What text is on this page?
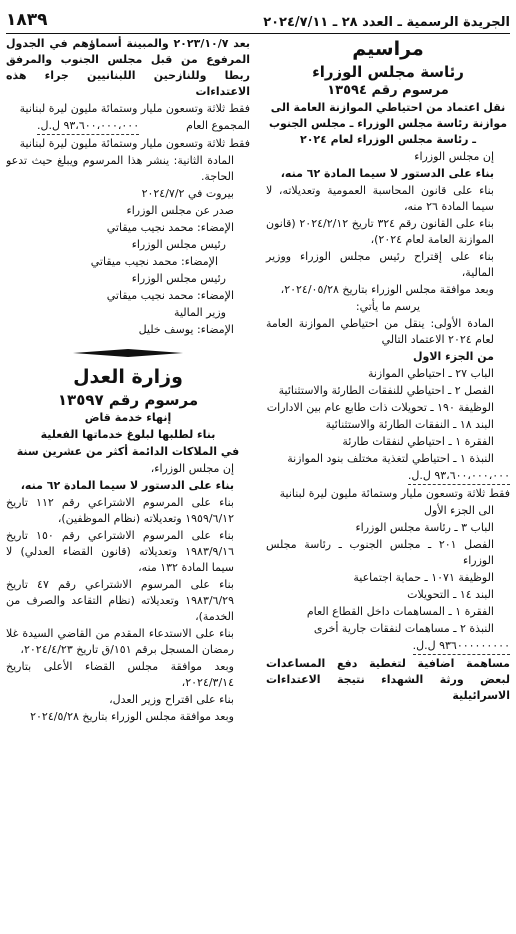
الجريدة الرسمية ـ العدد ٢٨ ـ ٢٠٢٤/٧/١١
١٨٣٩

مراسيم

رئاسة مجلس الوزراء

مرسوم رقم ١٣٥٩٤

نقل اعتماد من احتياطي الموازنة العامة الى موازنة رئاسة مجلس الوزراء ـ مجلس الجنوب ـ رئاسة مجلس الوزراء لعام ٢٠٢٤

إن مجلس الوزراء

بناء على الدستور لا سيما المادة ٦٢ منه،

بناء على قانون المحاسبة العمومية وتعديلاته، لا سيما المادة ٢٦ منه،

بناء على القانون رقم ٣٢٤ تاريخ ٢٠٢٤/٢/١٢ (قانون الموازنة العامة لعام ٢٠٢٤)،

بناء على إقتراح رئيس مجلس الوزراء ووزير المالية،

وبعد موافقة مجلس الوزراء بتاريخ ٢٠٢٤/٠٥/٢٨،

يرسم ما يأتي:

المادة الأولى: ينقل من احتياطي الموازنة العامة لعام ٢٠٢٤ الاعتماد التالي

من الجزء الاول

الباب ٢٧ ـ احتياطي الموازنة

الفصل ٢ ـ احتياطي للنفقات الطارئة والاستثنائية

الوظيفة ١٩٠ ـ تحويلات ذات طابع عام بين الادارات

البند ١٨ ـ النفقات الطارئة والاستثنائية

الفقرة ١ ـ احتياطي لنفقات طارئة

النبذة ١ ـ احتياطي لتغذية مختلف بنود الموازنة

٩٣،٦٠٠،٠٠٠،٠٠٠ ل.ل.

فقط ثلاثة وتسعون مليار وستمائة مليون ليرة لبنانية

الى الجزء الأول

الباب ٣ ـ رئاسة مجلس الوزراء

الفصل ٢٠١ ـ مجلس الجنوب ـ رئاسة مجلس الوزراء

الوظيفة ١٠٧١ ـ حماية اجتماعية

البند ١٤ ـ التحويلات

الفقرة ١ ـ المساهمات داخل القطاع العام

النبذة ٢ ـ مساهمات لنفقات جارية أخرى

٩٣٦٠٠٠٠٠٠٠٠٠ ل.ل.

مساهمة اضافية لتغطية دفع المساعدات لبعض ورثة الشهداء نتيجة الاعتداءات الاسرائيلية

بعد ٢٠٢٣/١٠/٧ والمبينة أسماؤهم في الجدول المرفوع من قبل مجلس الجنوب والمرفق ربطا وللنازحين اللبنانيين جراء هذه الاعتداءات

فقط ثلاثة وتسعون مليار وستمائة مليون ليرة لبنانية

المجموع العام  ٩٣،٦٠٠،٠٠٠،٠٠٠ ل.ل.

فقط ثلاثة وتسعون مليار وستمائة مليون ليرة لبنانية

المادة الثانية: ينشر هذا المرسوم ويبلغ حيث تدعو الحاجة.

بيروت في ٢٠٢٤/٧/٢

صدر عن مجلس الوزراء

الإمضاء: محمد نجيب ميقاتي

رئيس مجلس الوزراء

الإمضاء: محمد نجيب ميقاتي

رئيس مجلس الوزراء

الإمضاء: محمد نجيب ميقاتي

وزير المالية

الإمضاء: يوسف خليل

وزارة العدل

مرسوم رقم ١٣٥٩٧

إنهاء خدمة قاض

بناء لطلبها لبلوغ خدماتها الفعلية

في الملاكات الدائمة أكثر من عشرين سنة

إن مجلس الوزراء،

بناء على الدستور لا سيما المادة ٦٢ منه،

بناء على المرسوم الاشتراعي رقم ١١٢ تاريخ ١٩٥٩/٦/١٢ وتعديلاته (نظام الموظفين)،

بناء على المرسوم الاشتراعي رقم ١٥٠ تاريخ ١٩٨٣/٩/١٦ وتعديلاته (قانون القضاء العدلي) لا سيما المادة ١٣٢ منه،

بناء على المرسوم الاشتراعي رقم ٤٧ تاريخ ١٩٨٣/٦/٢٩ وتعديلاته (نظام التقاعد والصرف من الخدمة)،

بناء على الاستدعاء المقدم من القاضي السيدة غلا رمضان المسجل برقم ١٥١/ق تاريخ ٢٠٢٤/٤/٢٣،

وبعد موافقة مجلس القضاء الأعلى بتاريخ ٢٠٢٤/٣/١٤،

بناء على اقتراح وزير العدل،

وبعد موافقة مجلس الوزراء بتاريخ ٢٠٢٤/٥/٢٨
